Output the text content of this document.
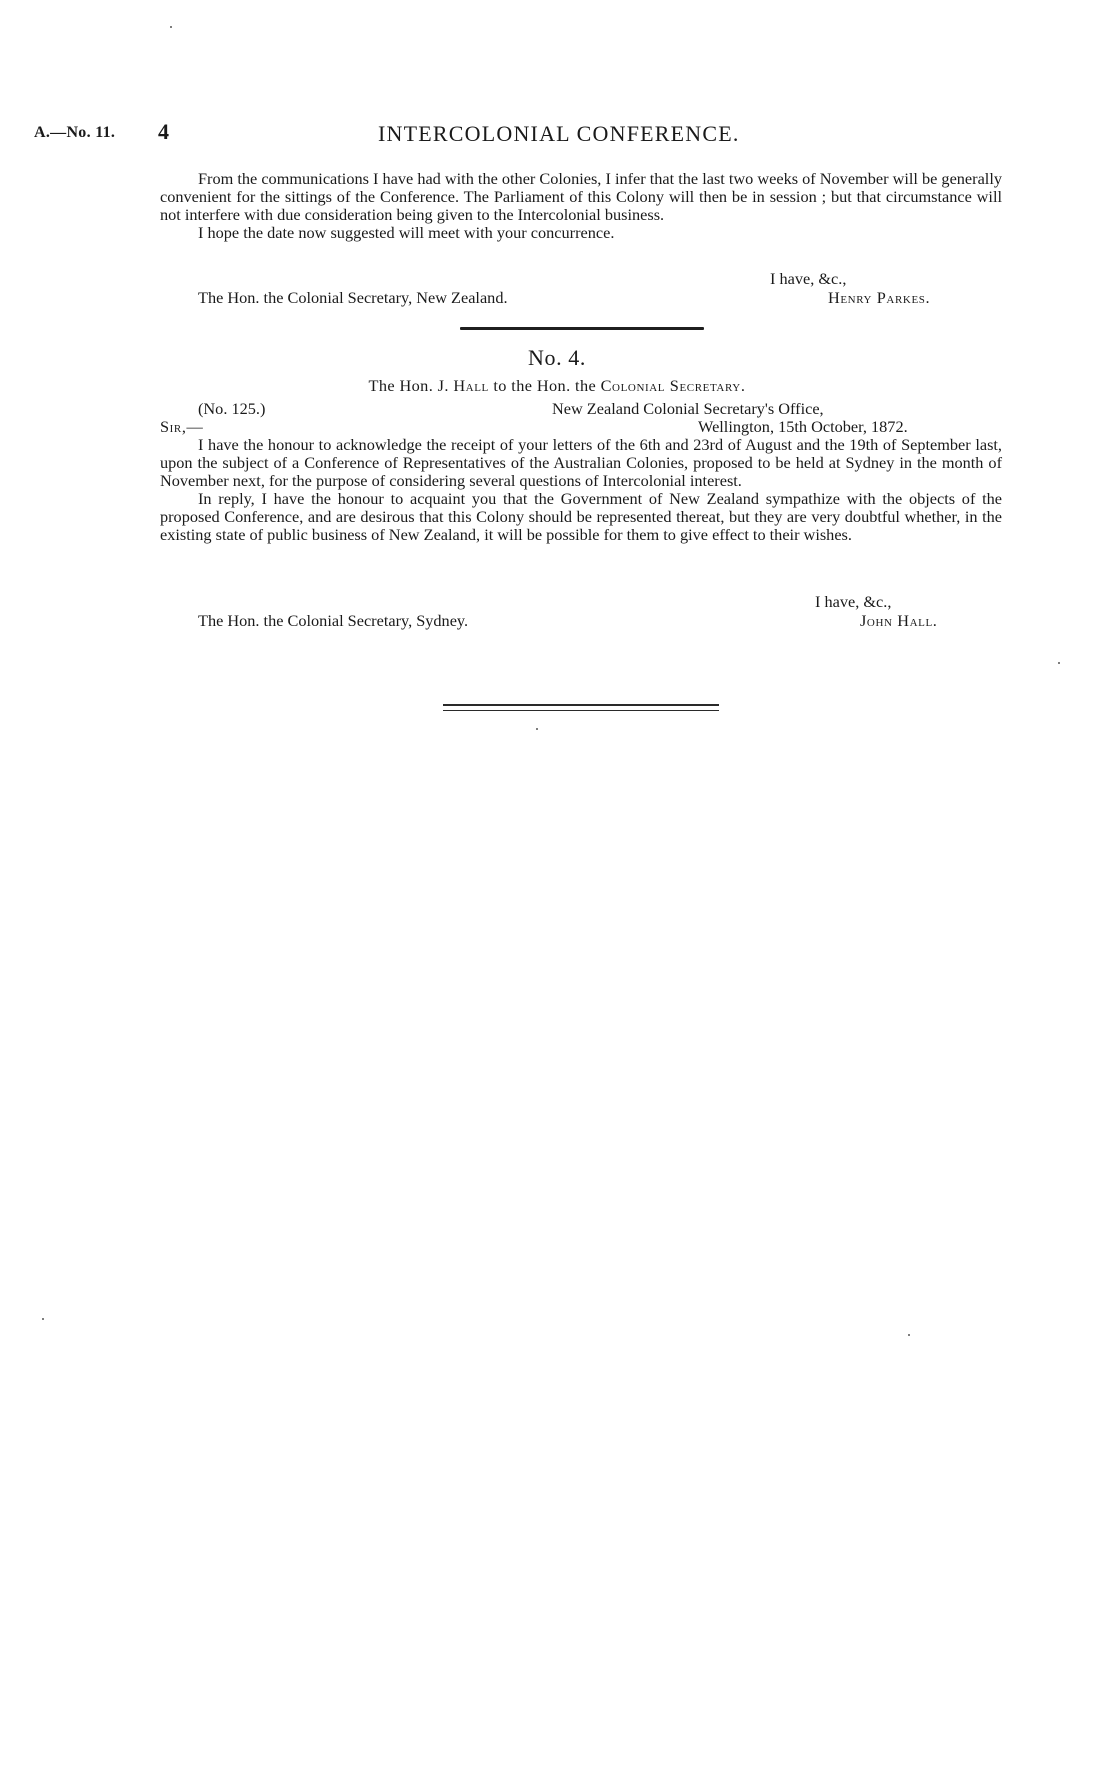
A.—No. 11. 4	INTERCOLONIAL CONFERENCE.

From the communications I have had with the other Colonies, I infer that the last two weeks of November will be generally convenient for the sittings of the Conference. The Parliament of this Colony will then be in session ; but that circumstance will not interfere with due consideration being given to the Intercolonial business.

I hope the date now suggested will meet with your concurrence.

I have, &c.,
The Hon. the Colonial Secretary, New Zealand.	Henry Parkes.
No. 4.
The Hon. J. Hall to the Hon. the Colonial Secretary.
(No. 125.)	New Zealand Colonial Secretary's Office,
Sir,—	Wellington, 15th October, 1872.

I have the honour to acknowledge the receipt of your letters of the 6th and 23rd of August and the 19th of September last, upon the subject of a Conference of Representatives of the Australian Colonies, proposed to be held at Sydney in the month of November next, for the purpose of considering several questions of Intercolonial interest.

In reply, I have the honour to acquaint you that the Government of New Zealand sympathize with the objects of the proposed Conference, and are desirous that this Colony should be represented thereat, but they are very doubtful whether, in the existing state of public business of New Zealand, it will be possible for them to give effect to their wishes.

I have, &c.,
The Hon. the Colonial Secretary, Sydney.	John Hall.
